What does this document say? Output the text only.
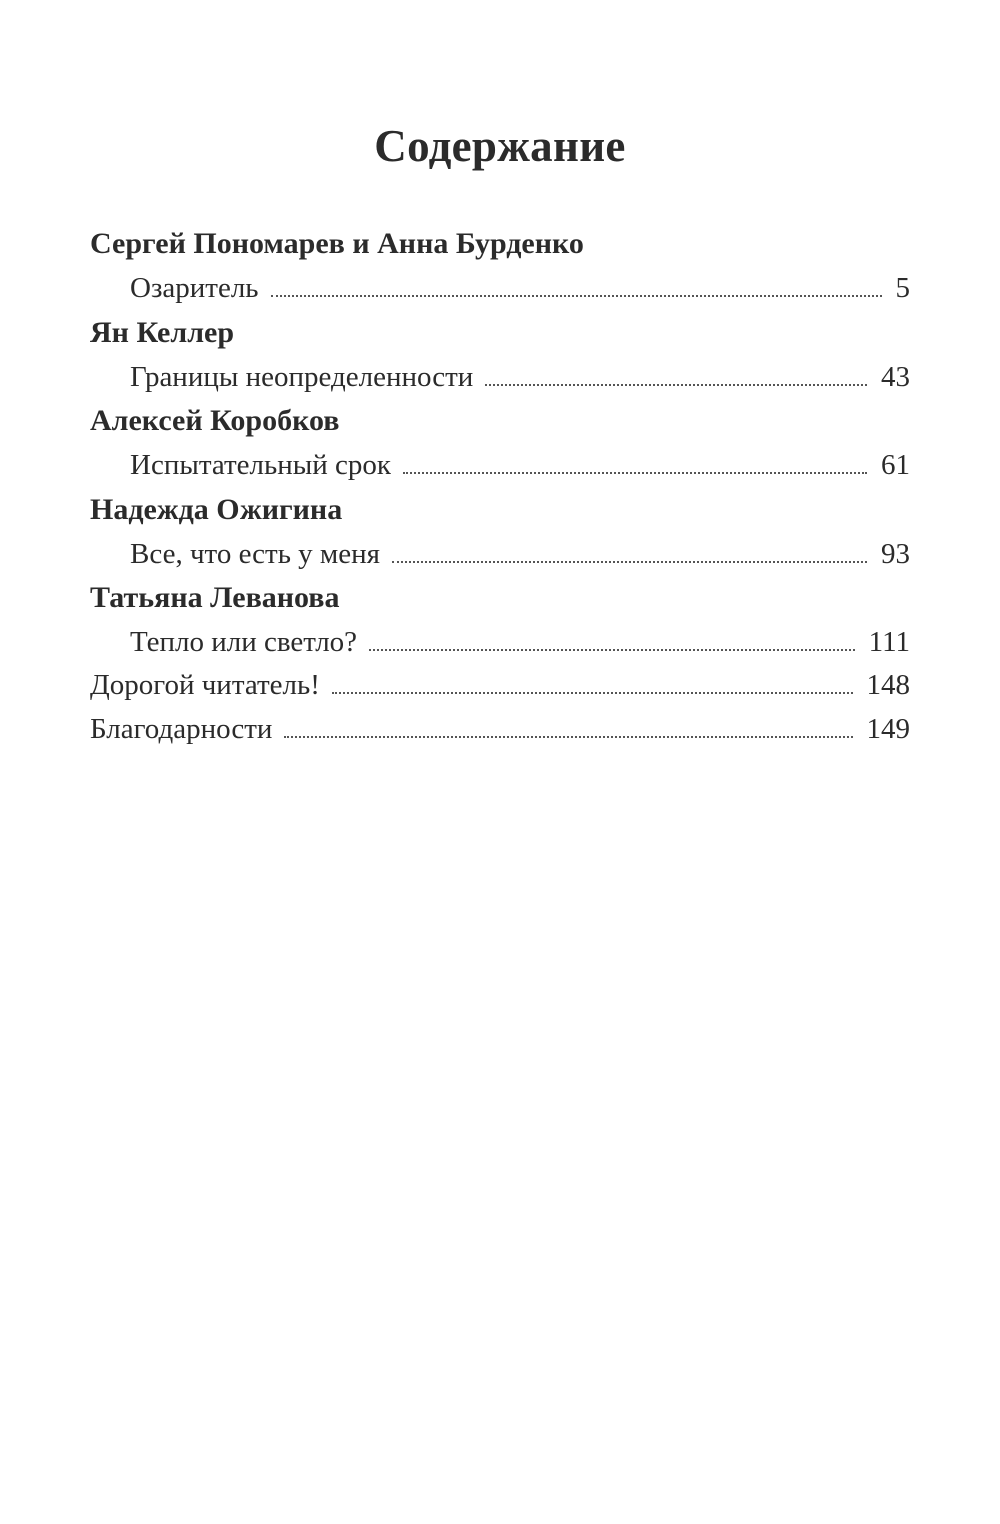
Содержание
Сергей Пономарев и Анна Бурденко
Озаритель	5
Ян Келлер
Границы неопределенности	43
Алексей Коробков
Испытательный срок	61
Надежда Ожигина
Все, что есть у меня	93
Татьяна Леванова
Тепло или светло?	111
Дорогой читатель!	148
Благодарности	149
